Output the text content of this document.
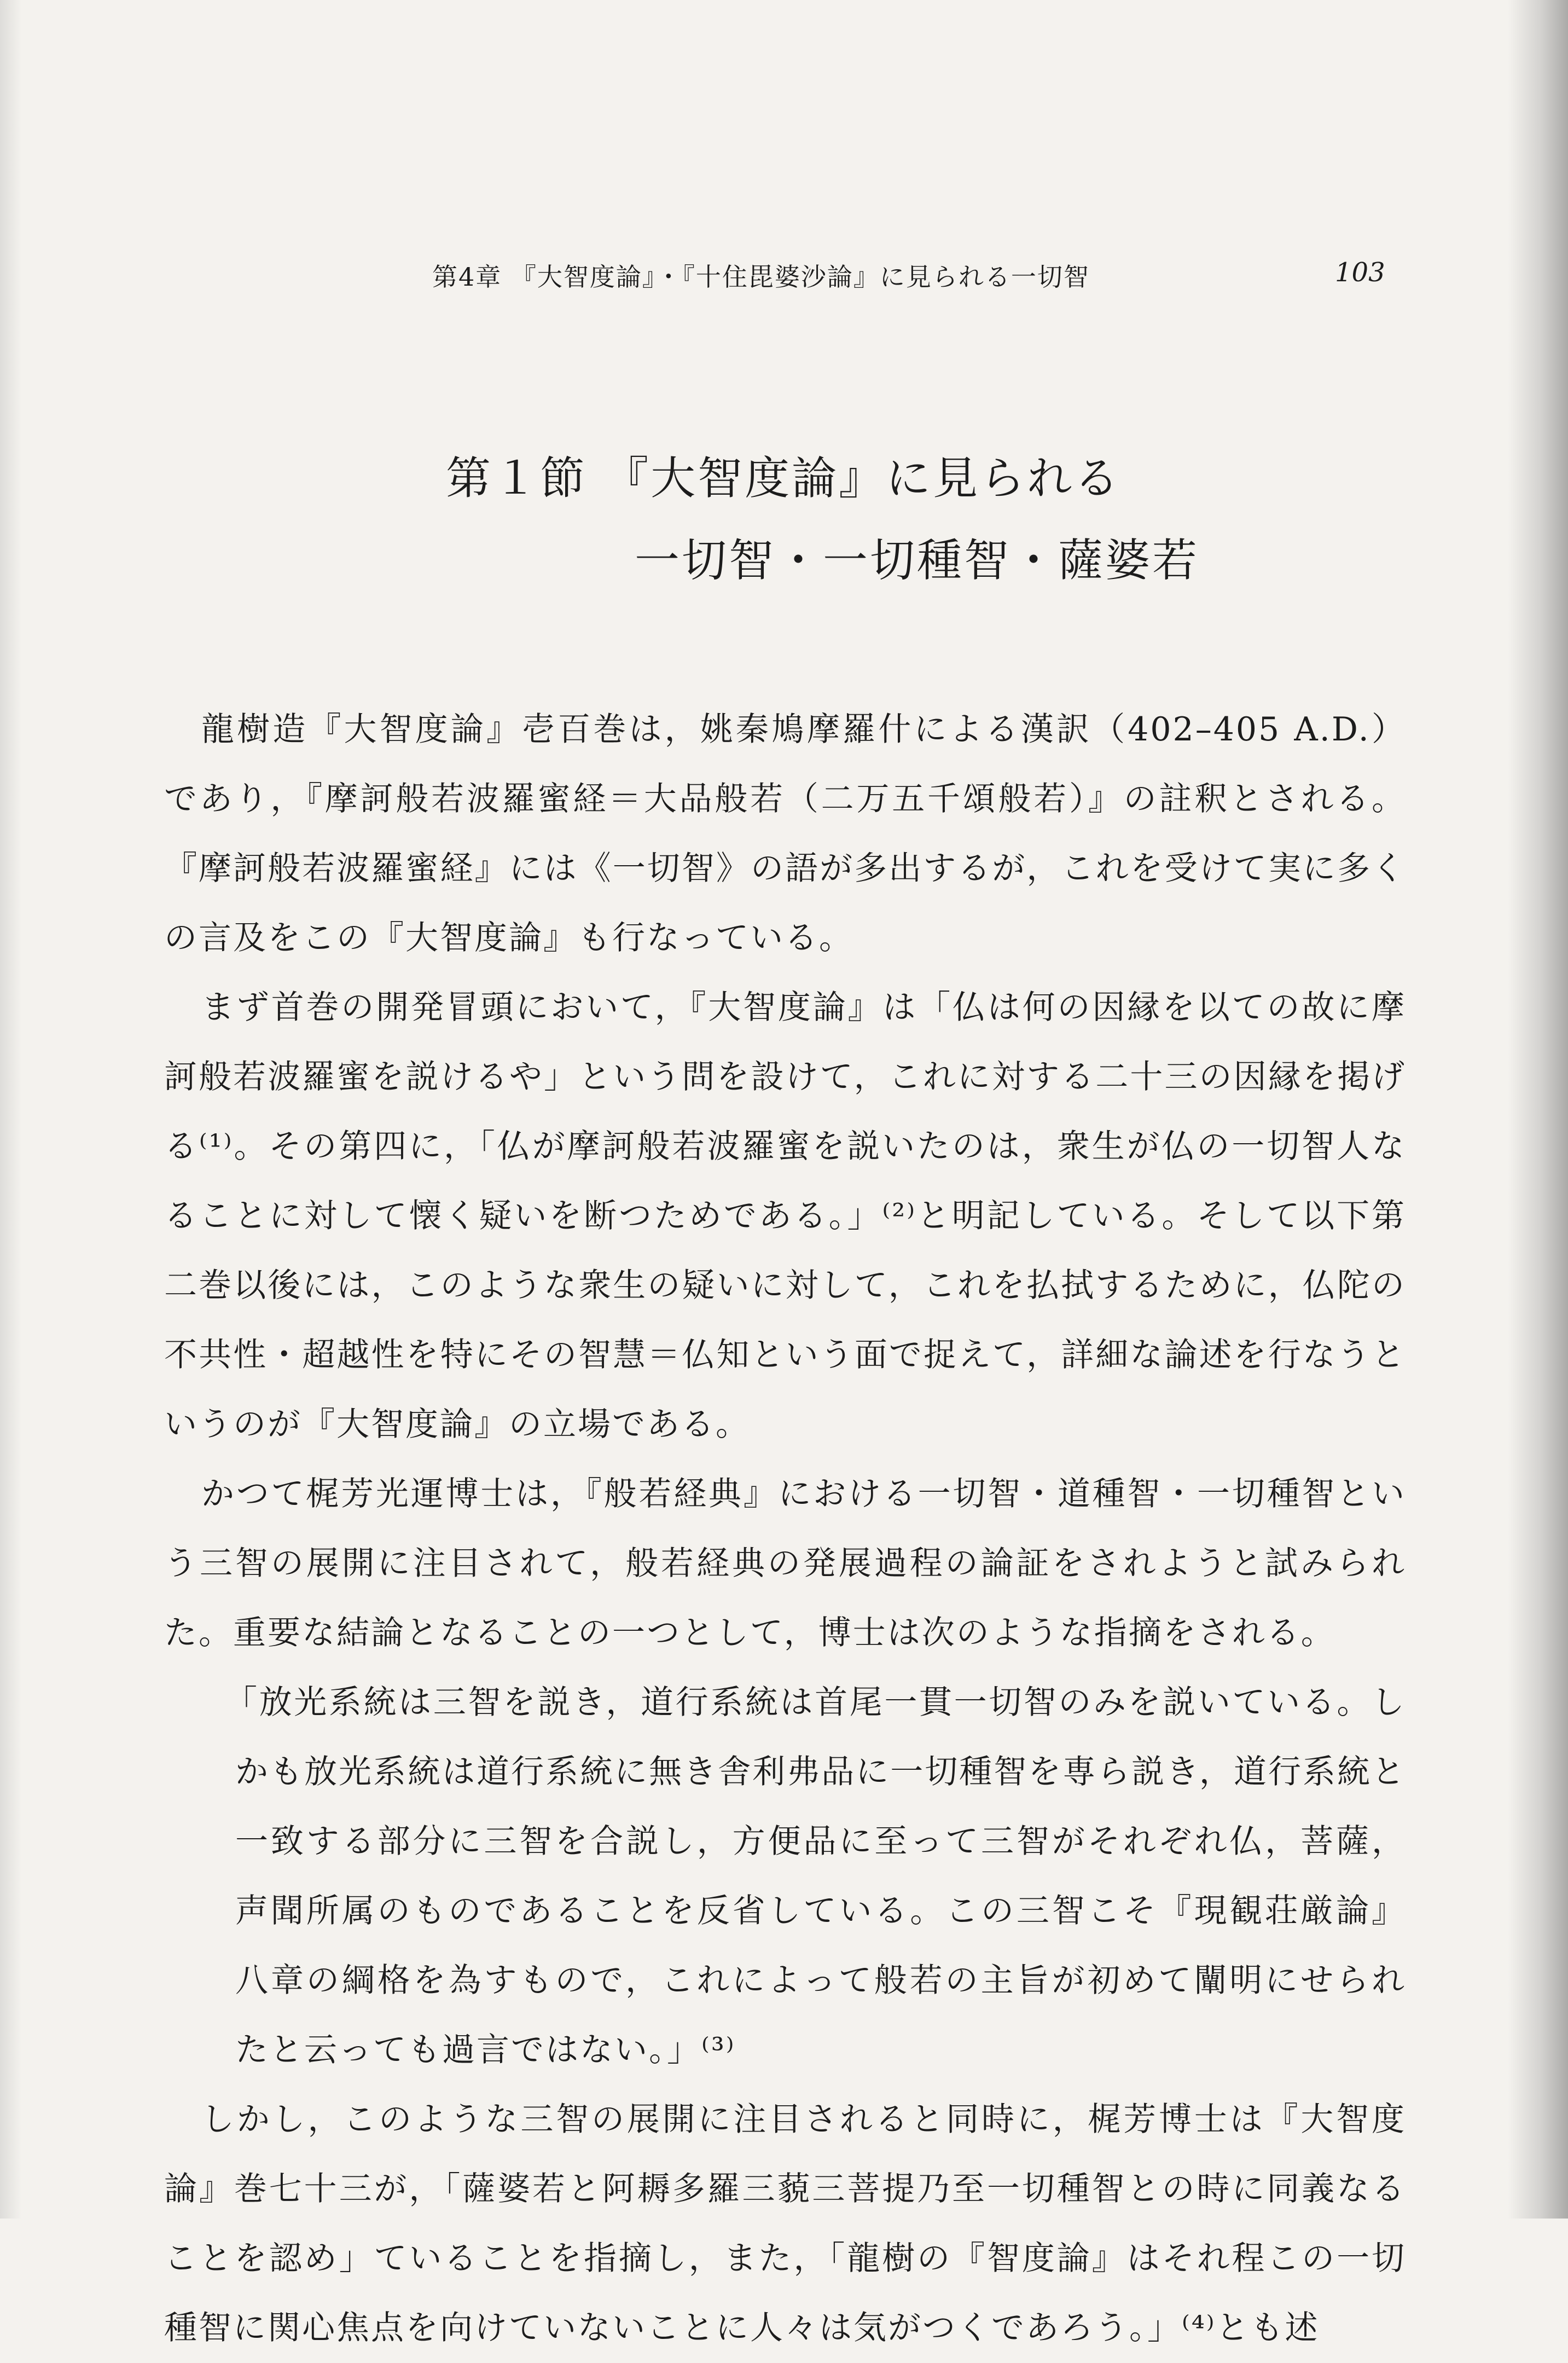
第4章 『大智度論』・『十住毘婆沙論』に見られる一切智	103
第１節 『大智度論』に見られる
一切智・一切種智・薩婆若

龍樹造『大智度論』壱百巻は，姚秦鳩摩羅什による漢訳（402–405 A.D.）であり，『摩訶般若波羅蜜経＝大品般若（二万五千頌般若）』の註釈とされる。『摩訶般若波羅蜜経』には《一切智》の語が多出するが，これを受けて実に多くの言及をこの『大智度論』も行なっている。

まず首巻の開発冒頭において，『大智度論』は「仏は何の因縁を以ての故に摩訶般若波羅蜜を説けるや」という問を設けて，これに対する二十三の因縁を掲げる⁽¹⁾。その第四に，「仏が摩訶般若波羅蜜を説いたのは，衆生が仏の一切智人なることに対して懐く疑いを断つためである。」⁽²⁾と明記している。そして以下第二巻以後には，このような衆生の疑いに対して，これを払拭するために，仏陀の不共性・超越性を特にその智慧＝仏知という面で捉えて，詳細な論述を行なうというのが『大智度論』の立場である。

かつて梶芳光運博士は，『般若経典』における一切智・道種智・一切種智という三智の展開に注目されて，般若経典の発展過程の論証をされようと試みられた。重要な結論となることの一つとして，博士は次のような指摘をされる。

「放光系統は三智を説き，道行系統は首尾一貫一切智のみを説いている。しかも放光系統は道行系統に無き舎利弗品に一切種智を専ら説き，道行系統と一致する部分に三智を合説し，方便品に至って三智がそれぞれ仏，菩薩，声聞所属のものであることを反省している。この三智こそ『現観荘厳論』八章の綱格を為すもので，これによって般若の主旨が初めて闡明にせられたと云っても過言ではない。」⁽³⁾

しかし，このような三智の展開に注目されると同時に，梶芳博士は『大智度論』巻七十三が，「薩婆若と阿耨多羅三藐三菩提乃至一切種智との時に同義なることを認め」ていることを指摘し，また，「龍樹の『智度論』はそれ程この一切種智に関心焦点を向けていないことに人々は気がつくであろう。」⁽⁴⁾とも述
